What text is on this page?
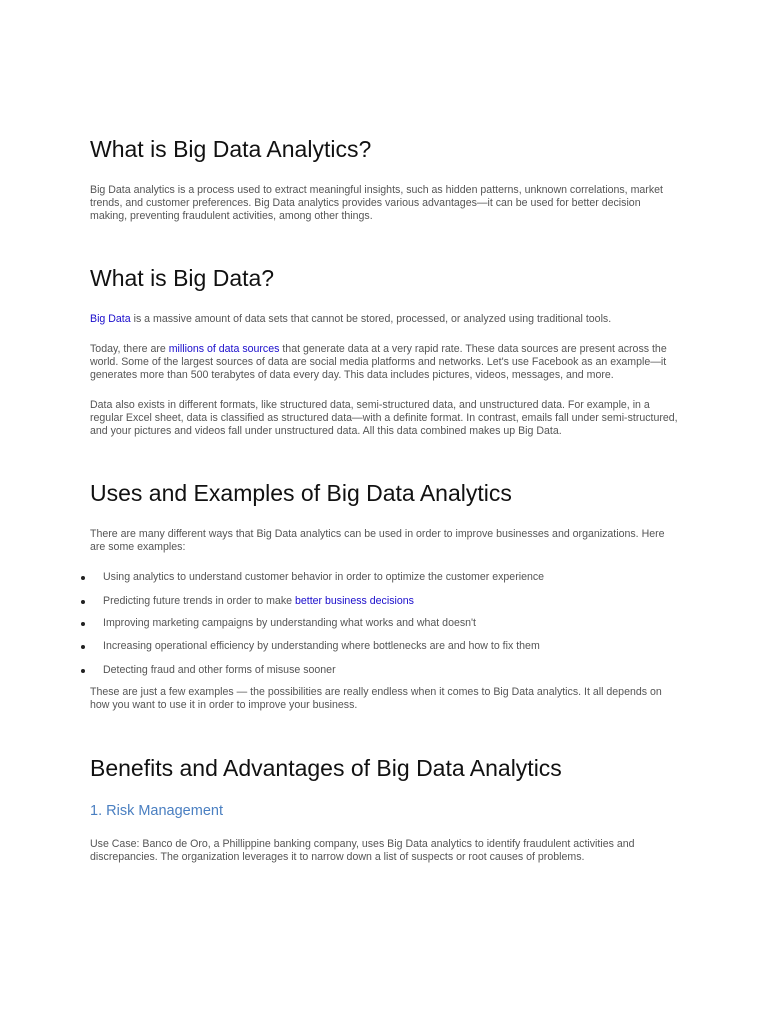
What is Big Data Analytics?

Big Data analytics is a process used to extract meaningful insights, such as hidden patterns, unknown correlations, market trends, and customer preferences. Big Data analytics provides various advantages—it can be used for better decision making, preventing fraudulent activities, among other things.

What is Big Data?

Big Data is a massive amount of data sets that cannot be stored, processed, or analyzed using traditional tools.

Today, there are millions of data sources that generate data at a very rapid rate. These data sources are present across the world. Some of the largest sources of data are social media platforms and networks. Let's use Facebook as an example—it generates more than 500 terabytes of data every day. This data includes pictures, videos, messages, and more.

Data also exists in different formats, like structured data, semi-structured data, and unstructured data. For example, in a regular Excel sheet, data is classified as structured data—with a definite format. In contrast, emails fall under semi-structured, and your pictures and videos fall under unstructured data. All this data combined makes up Big Data.

Uses and Examples of Big Data Analytics

There are many different ways that Big Data analytics can be used in order to improve businesses and organizations. Here are some examples:

Using analytics to understand customer behavior in order to optimize the customer experience
Predicting future trends in order to make better business decisions
Improving marketing campaigns by understanding what works and what doesn't
Increasing operational efficiency by understanding where bottlenecks are and how to fix them
Detecting fraud and other forms of misuse sooner

These are just a few examples — the possibilities are really endless when it comes to Big Data analytics. It all depends on how you want to use it in order to improve your business.

Benefits and Advantages of Big Data Analytics
1. Risk Management

Use Case: Banco de Oro, a Phillippine banking company, uses Big Data analytics to identify fraudulent activities and discrepancies. The organization leverages it to narrow down a list of suspects or root causes of problems.
